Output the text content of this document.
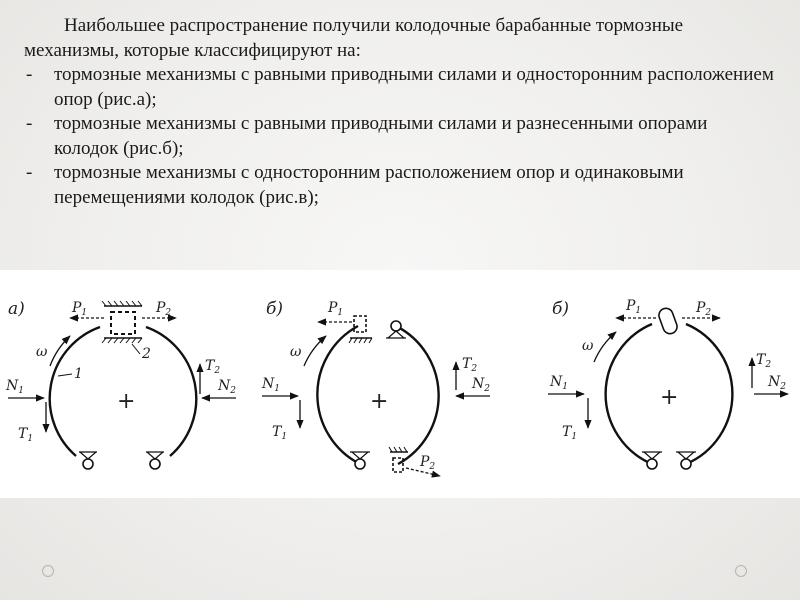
Наибольшее распространение получили колодочные барабанные тормозные механизмы, которые классифицируют на:

- тормозные механизмы с равными приводными силами и односторонним расположением опор (рис.а);
- тормозные механизмы с равными приводными силами и разнесенными опорами колодок (рис.б);
- тормозные механизмы с односторонним расположением опор и одинаковыми перемещениями колодок (рис.в);
а)	$P_1$	$P_2$
$N_1$	$N_2$
$T_1$
$T_2$
ω
1
2
+
б)	$P_1$
$P_2$
$N_1$	$N_2$
$T_1$
$T_2$
ω
+
б)	$P_1$	$P_2$
$N_1$	$N_2$
$T_1$
$T_2$
ω
+
